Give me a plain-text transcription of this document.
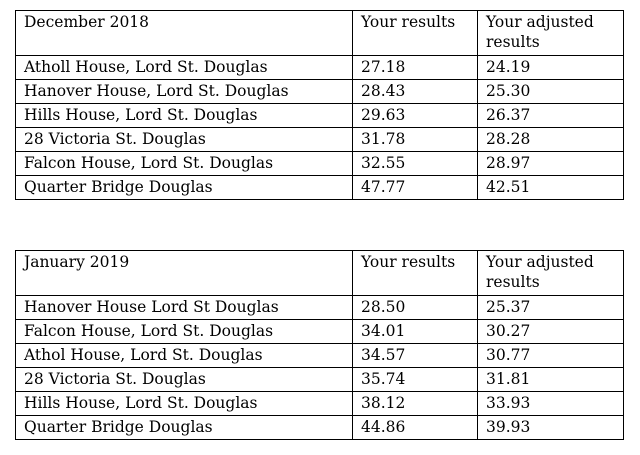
December 2018	Your results	Your adjusted results
Atholl House, Lord St. Douglas	27.18	24.19
Hanover House, Lord St. Douglas	28.43	25.30
Hills House, Lord St. Douglas	29.63	26.37
28 Victoria St. Douglas	31.78	28.28
Falcon House, Lord St. Douglas	32.55	28.97
Quarter Bridge Douglas	47.77	42.51
January 2019	Your results	Your adjusted results
Hanover House Lord St Douglas	28.50	25.37
Falcon House, Lord St. Douglas	34.01	30.27
Athol House, Lord St. Douglas	34.57	30.77
28 Victoria St. Douglas	35.74	31.81
Hills House, Lord St. Douglas	38.12	33.93
Quarter Bridge Douglas	44.86	39.93
